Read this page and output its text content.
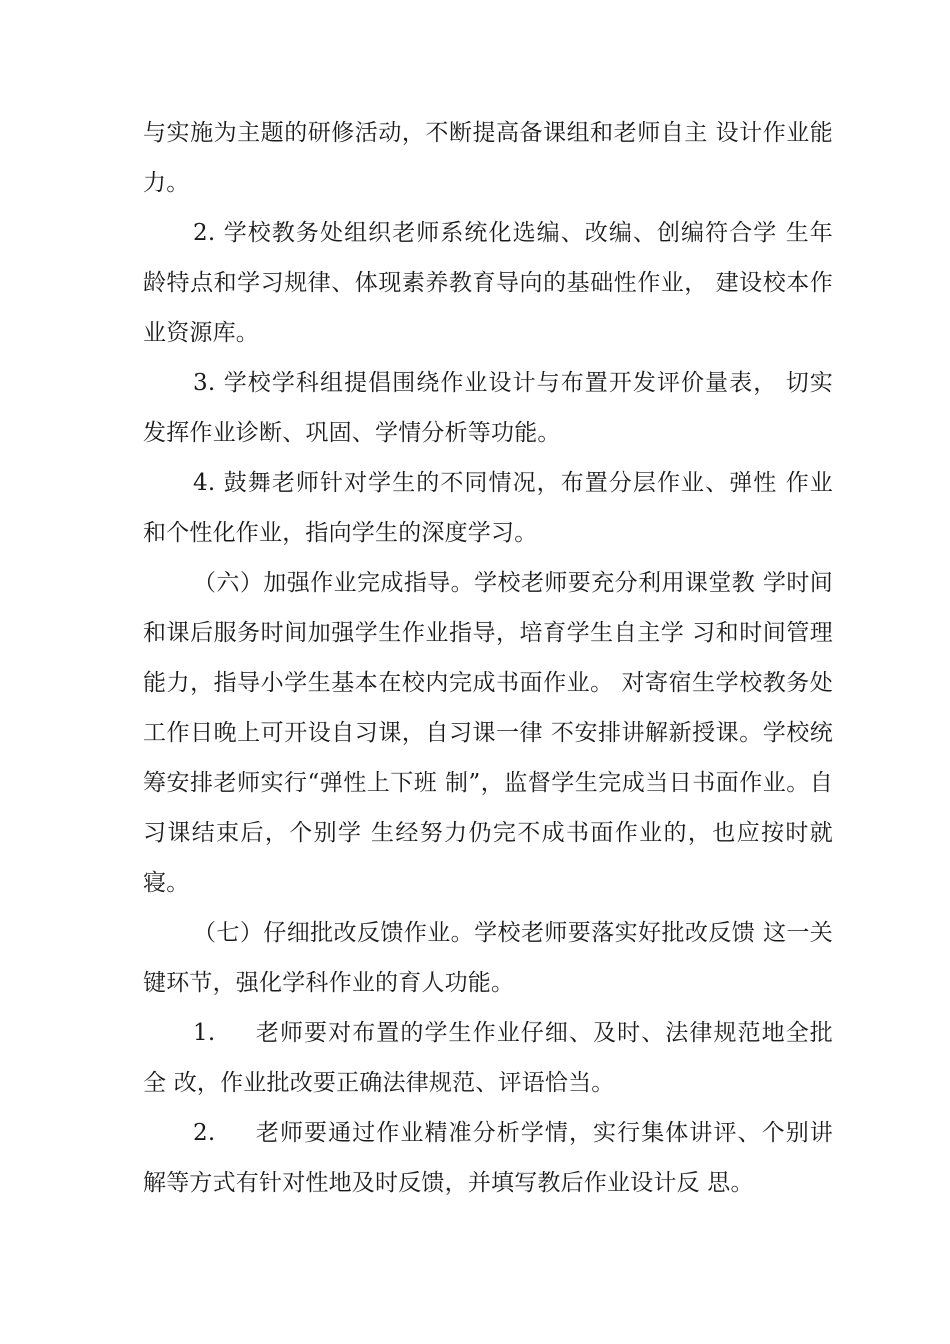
与实施为主题的研修活动，不断提高备课组和老师自主 设计作业能力。

2. 学校教务处组织老师系统化选编、改编、创编符合学 生年龄特点和学习规律、体现素养教育导向的基础性作业， 建设校本作业资源库。

3. 学校学科组提倡围绕作业设计与布置开发评价量表， 切实发挥作业诊断、巩固、学情分析等功能。

4. 鼓舞老师针对学生的不同情况，布置分层作业、弹性 作业和个性化作业，指向学生的深度学习。

（六）加强作业完成指导。学校老师要充分利用课堂教 学时间和课后服务时间加强学生作业指导，培育学生自主学 习和时间管理能力，指导小学生基本在校内完成书面作业。 对寄宿生学校教务处工作日晚上可开设自习课，自习课一律 不安排讲解新授课。学校统筹安排老师实行“弹性上下班 制”，监督学生完成当日书面作业。自习课结束后，个别学 生经努力仍完不成书面作业的，也应按时就寝。

（七）仔细批改反馈作业。学校老师要落实好批改反馈 这一关键环节，强化学科作业的育人功能。

1. 老师要对布置的学生作业仔细、及时、法律规范地全批全 改，作业批改要正确法律规范、评语恰当。

2. 老师要通过作业精准分析学情，实行集体讲评、个别讲解等方式有针对性地及时反馈，并填写教后作业设计反 思。
